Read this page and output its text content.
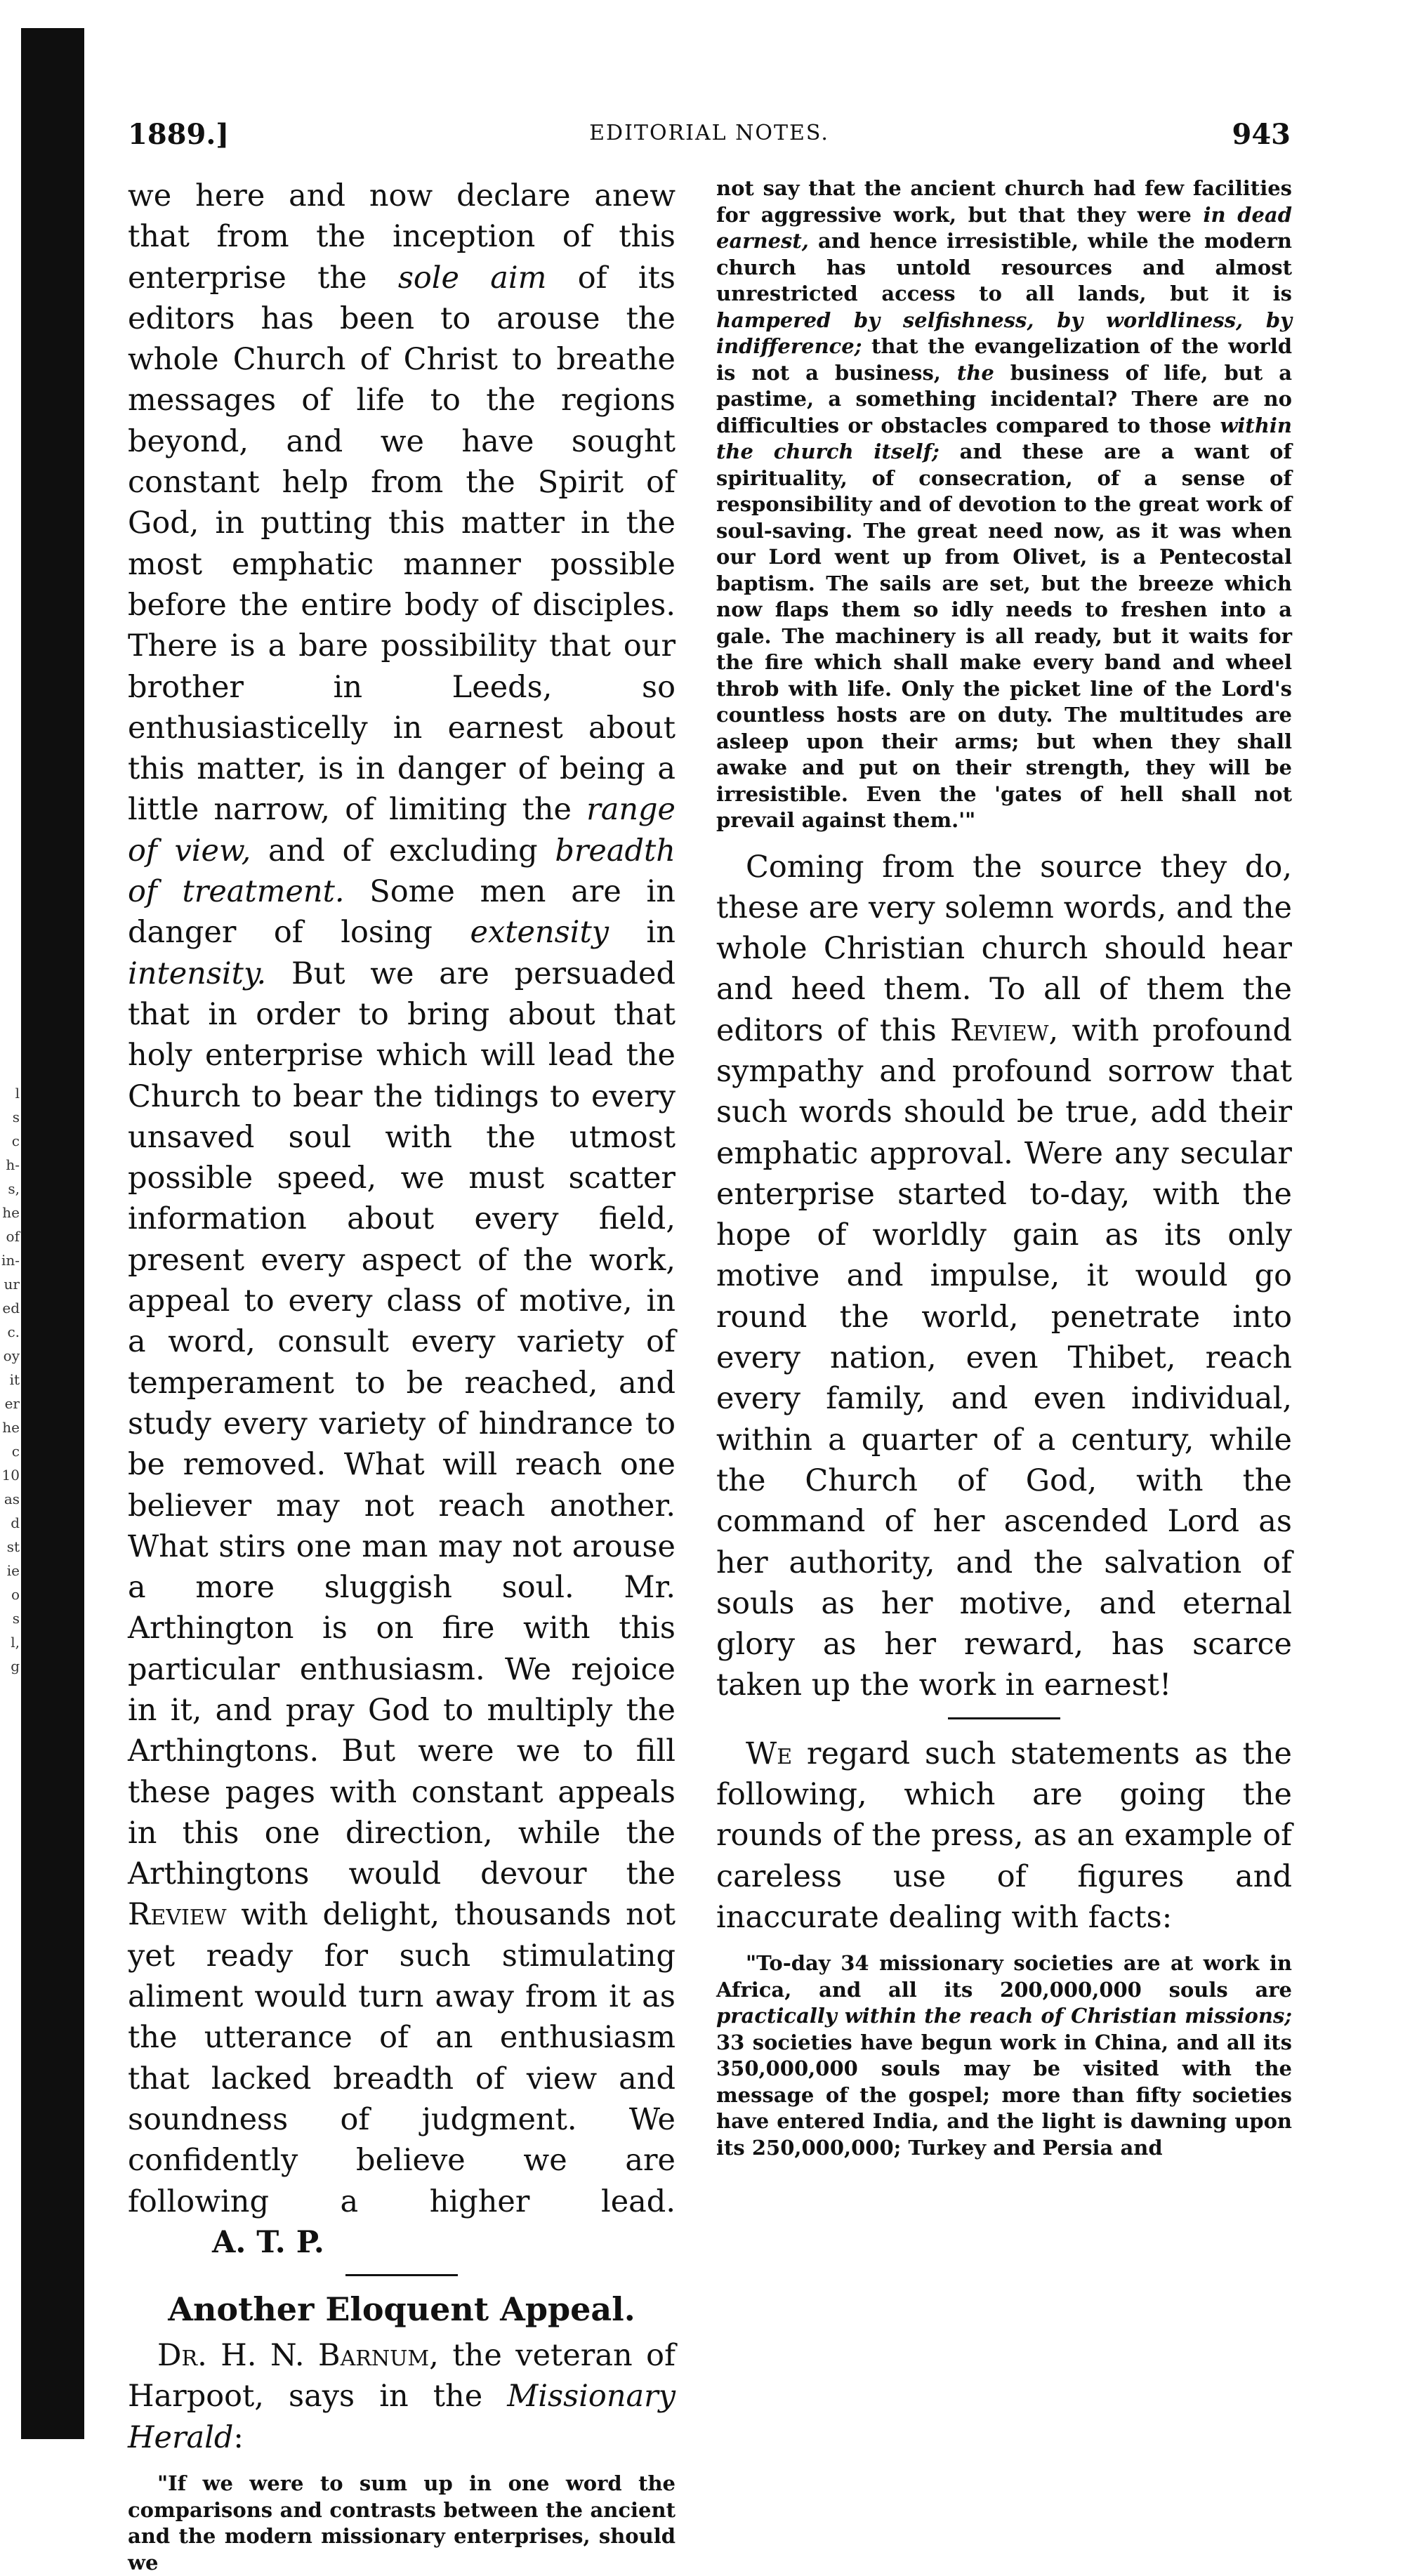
l
s
c
h-
s,
he
of
in-
ur
ed
c.
oy
it
er
he
c
10
as
d
st
ie
o
s
l,
g
1889.]	EDITORIAL NOTES.	943

we here and now declare anew that from the inception of this enterprise the sole aim of its editors has been to arouse the whole Church of Christ to breathe messages of life to the regions beyond, and we have sought constant help from the Spirit of God, in putting this matter in the most emphatic manner possible before the entire body of disciples. There is a bare possibility that our brother in Leeds, so enthusiasticelly in earnest about this matter, is in danger of being a little narrow, of limiting the range of view, and of excluding breadth of treatment. Some men are in danger of losing extensity in intensity. But we are persuaded that in order to bring about that holy enterprise which will lead the Church to bear the tidings to every unsaved soul with the utmost possible speed, we must scatter information about every field, present every aspect of the work, appeal to every class of motive, in a word, consult every variety of temperament to be reached, and study every variety of hindrance to be removed. What will reach one believer may not reach another. What stirs one man may not arouse a more sluggish soul. Mr. Arthington is on fire with this particular enthusiasm. We rejoice in it, and pray God to multiply the Arthingtons. But were we to fill these pages with constant appeals in this one direction, while the Arthingtons would devour the Review with delight, thousands not yet ready for such stimulating aliment would turn away from it as the utterance of an enthusiasm that lacked breadth of view and soundness of judgment. We confidently believe we are following a higher lead.A. T. P.

Another Eloquent Appeal.

Dr. H. N. Barnum, the veteran of Harpoot, says in the Missionary Herald:

"If we were to sum up in one word the comparisons and contrasts between the ancient and the modern missionary enterprises, should we

not say that the ancient church had few facilities for aggressive work, but that they were in dead earnest, and hence irresistible, while the modern church has untold resources and almost unrestricted access to all lands, but it is hampered by selfishness, by worldliness, by indifference; that the evangelization of the world is not a business, the business of life, but a pastime, a something incidental? There are no difficulties or obstacles compared to those within the church itself; and these are a want of spirituality, of consecration, of a sense of responsibility and of devotion to the great work of soul-saving. The great need now, as it was when our Lord went up from Olivet, is a Pentecostal baptism. The sails are set, but the breeze which now flaps them so idly needs to freshen into a gale. The machinery is all ready, but it waits for the fire which shall make every band and wheel throb with life. Only the picket line of the Lord's countless hosts are on duty. The multitudes are asleep upon their arms; but when they shall awake and put on their strength, they will be irresistible. Even the 'gates of hell shall not prevail against them.'"

Coming from the source they do, these are very solemn words, and the whole Christian church should hear and heed them. To all of them the editors of this Review, with profound sympathy and profound sorrow that such words should be true, add their emphatic approval. Were any secular enterprise started to-day, with the hope of worldly gain as its only motive and impulse, it would go round the world, penetrate into every nation, even Thibet, reach every family, and even individual, within a quarter of a century, while the Church of God, with the command of her ascended Lord as her authority, and the salvation of souls as her motive, and eternal glory as her reward, has scarce taken up the work in earnest!

We regard such statements as the following, which are going the rounds of the press, as an example of careless use of figures and inaccurate dealing with facts:

"To-day 34 missionary societies are at work in Africa, and all its 200,000,000 souls are practically within the reach of Christian missions; 33 societies have begun work in China, and all its 350,000,000 souls may be visited with the message of the gospel; more than fifty societies have entered India, and the light is dawning upon its 250,000,000; Turkey and Persia and
